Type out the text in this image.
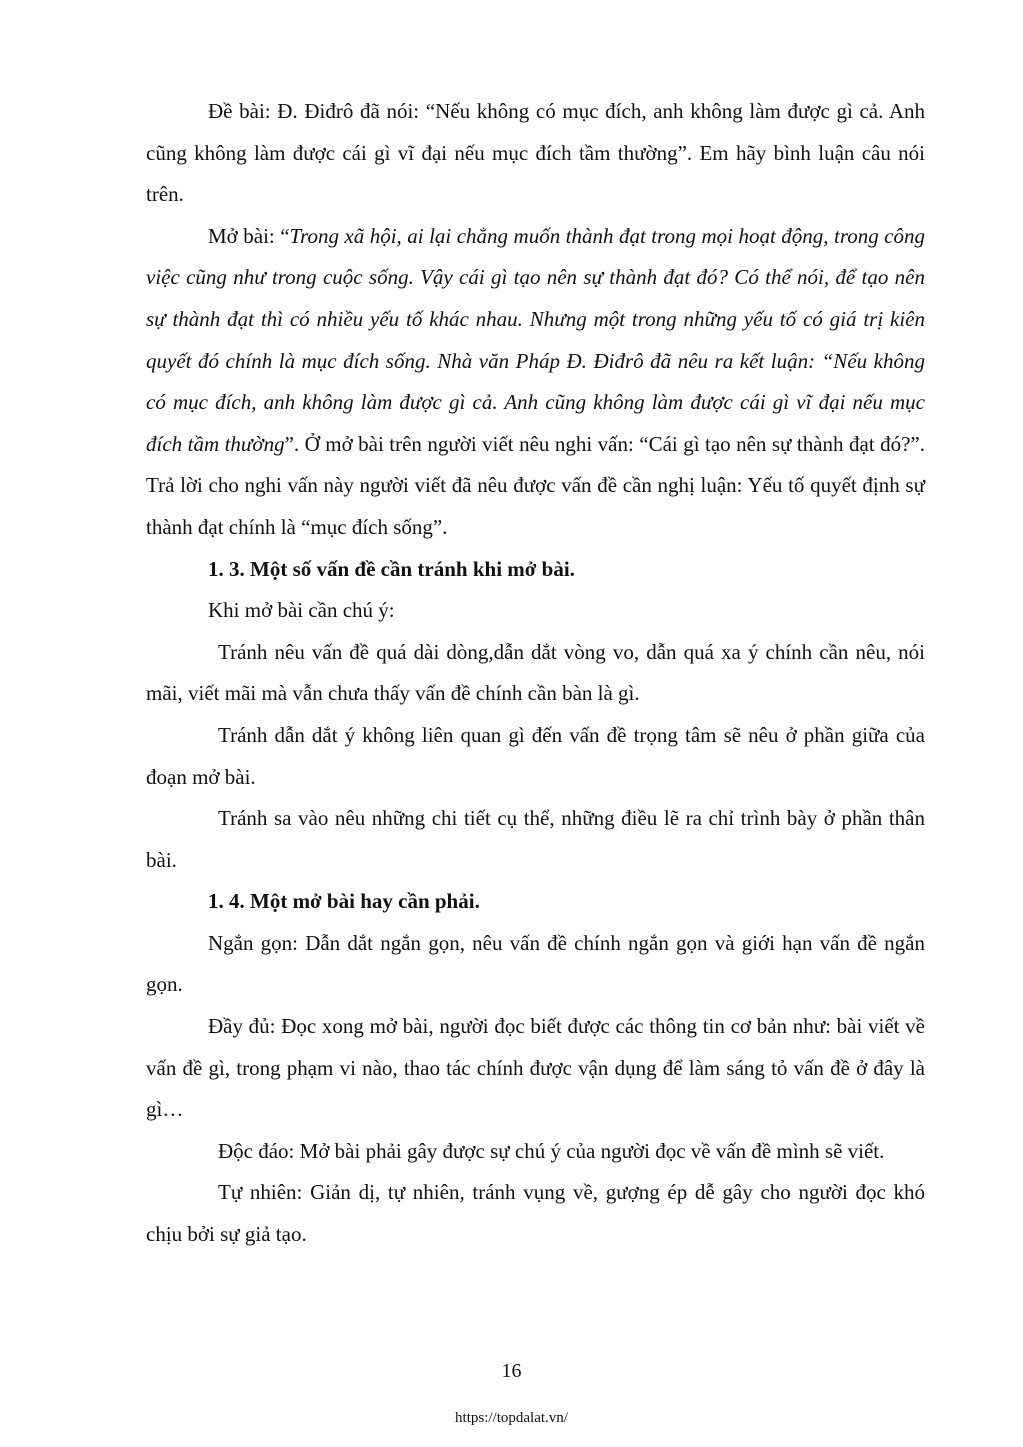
Đề bài: Đ. Điđrô đã nói: “Nếu không có mục đích, anh không làm được gì cả. Anh cũng không làm được cái gì vĩ đại nếu mục đích tầm thường”. Em hãy bình luận câu nói trên.

Mở bài: “Trong xã hội, ai lại chẳng muốn thành đạt trong mọi hoạt động, trong công việc cũng như trong cuộc sống. Vậy cái gì tạo nên sự thành đạt đó? Có thể nói, để tạo nên sự thành đạt thì có nhiều yếu tố khác nhau. Nhưng một trong những yếu tố có giá trị kiên quyết đó chính là mục đích sống. Nhà văn Pháp Đ. Điđrô đã nêu ra kết luận: “Nếu không có mục đích, anh không làm được gì cả. Anh cũng không làm được cái gì vĩ đại nếu mục đích tầm thường”. Ở mở bài trên người viết nêu nghi vấn: “Cái gì tạo nên sự thành đạt đó?”. Trả lời cho nghi vấn này người viết đã nêu được vấn đề cần nghị luận: Yếu tố quyết định sự thành đạt chính là “mục đích sống”.

1. 3. Một số vấn đề cần tránh khi mở bài.

Khi mở bài cần chú ý:

Tránh nêu vấn đề quá dài dòng,dẫn dắt vòng vo, dẫn quá xa ý chính cần nêu, nói mãi, viết mãi mà vẫn chưa thấy vấn đề chính cần bàn là gì.

Tránh dẫn dắt ý không liên quan gì đến vấn đề trọng tâm sẽ nêu ở phần giữa của đoạn mở bài.

Tránh sa vào nêu những chi tiết cụ thể, những điều lẽ ra chỉ trình bày ở phần thân bài.

1. 4. Một mở bài hay cần phải.

Ngắn gọn: Dẫn dắt ngắn gọn, nêu vấn đề chính ngắn gọn và giới hạn vấn đề ngắn gọn.

Đầy đủ: Đọc xong mở bài, người đọc biết được các thông tin cơ bản như: bài viết về vấn đề gì, trong phạm vi nào, thao tác chính được vận dụng để làm sáng tỏ vấn đề ở đây là gì…

Độc đáo: Mở bài phải gây được sự chú ý của người đọc về vấn đề mình sẽ viết.

Tự nhiên: Giản dị, tự nhiên, tránh vụng về, gượng ép dễ gây cho người đọc khó chịu bởi sự giả tạo.

16
https://topdalat.vn/
